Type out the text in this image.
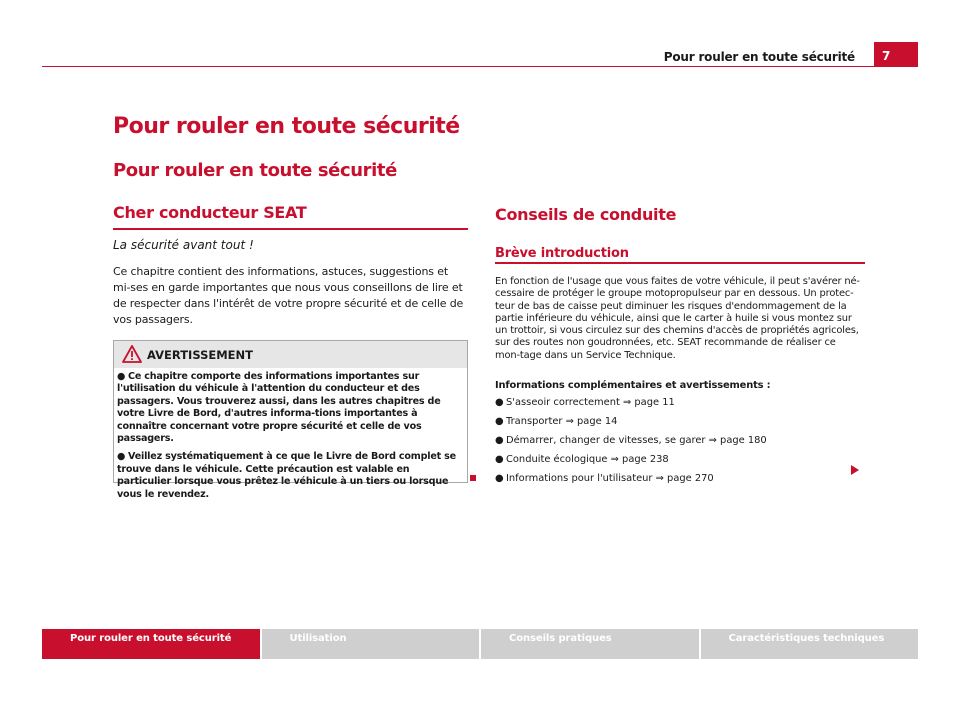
Pour rouler en toute sécurité	7
Pour rouler en toute sécurité
Pour rouler en toute sécurité
Cher conducteur SEAT
La sécurité avant tout !
Ce chapitre contient des informations, astuces, suggestions et mi-ses en garde importantes que nous vous conseillons de lire et de respecter dans l'intérêt de votre propre sécurité et de celle de vos passagers.
AVERTISSEMENT

● Ce chapitre comporte des informations importantes sur l'utilisation du véhicule à l'attention du conducteur et des passagers. Vous trouverez aussi, dans les autres chapitres de votre Livre de Bord, d'autres informa-tions importantes à connaître concernant votre propre sécurité et celle de vos passagers.

● Veillez systématiquement à ce que le Livre de Bord complet se trouve dans le véhicule. Cette précaution est valable en particulier lorsque vous prêtez le véhicule à un tiers ou lorsque vous le revendez.

Conseils de conduite
Brève introduction
En fonction de l'usage que vous faites de votre véhicule, il peut s'avérer né-cessaire de protéger le groupe motopropulseur par en dessous. Un protec-teur de bas de caisse peut diminuer les risques d'endommagement de la partie inférieure du véhicule, ainsi que le carter à huile si vous montez sur un trottoir, si vous circulez sur des chemins d'accès de propriétés agricoles, sur des routes non goudronnées, etc. SEAT recommande de réaliser ce mon-tage dans un Service Technique.
Informations complémentaires et avertissements :
● S'asseoir correctement ⇒ page 11
● Transporter ⇒ page 14
● Démarrer, changer de vitesses, se garer ⇒ page 180
● Conduite écologique ⇒ page 238
● Informations pour l'utilisateur ⇒ page 270
Pour rouler en toute sécurité	Utilisation	Conseils pratiques	Caractéristiques techniques
